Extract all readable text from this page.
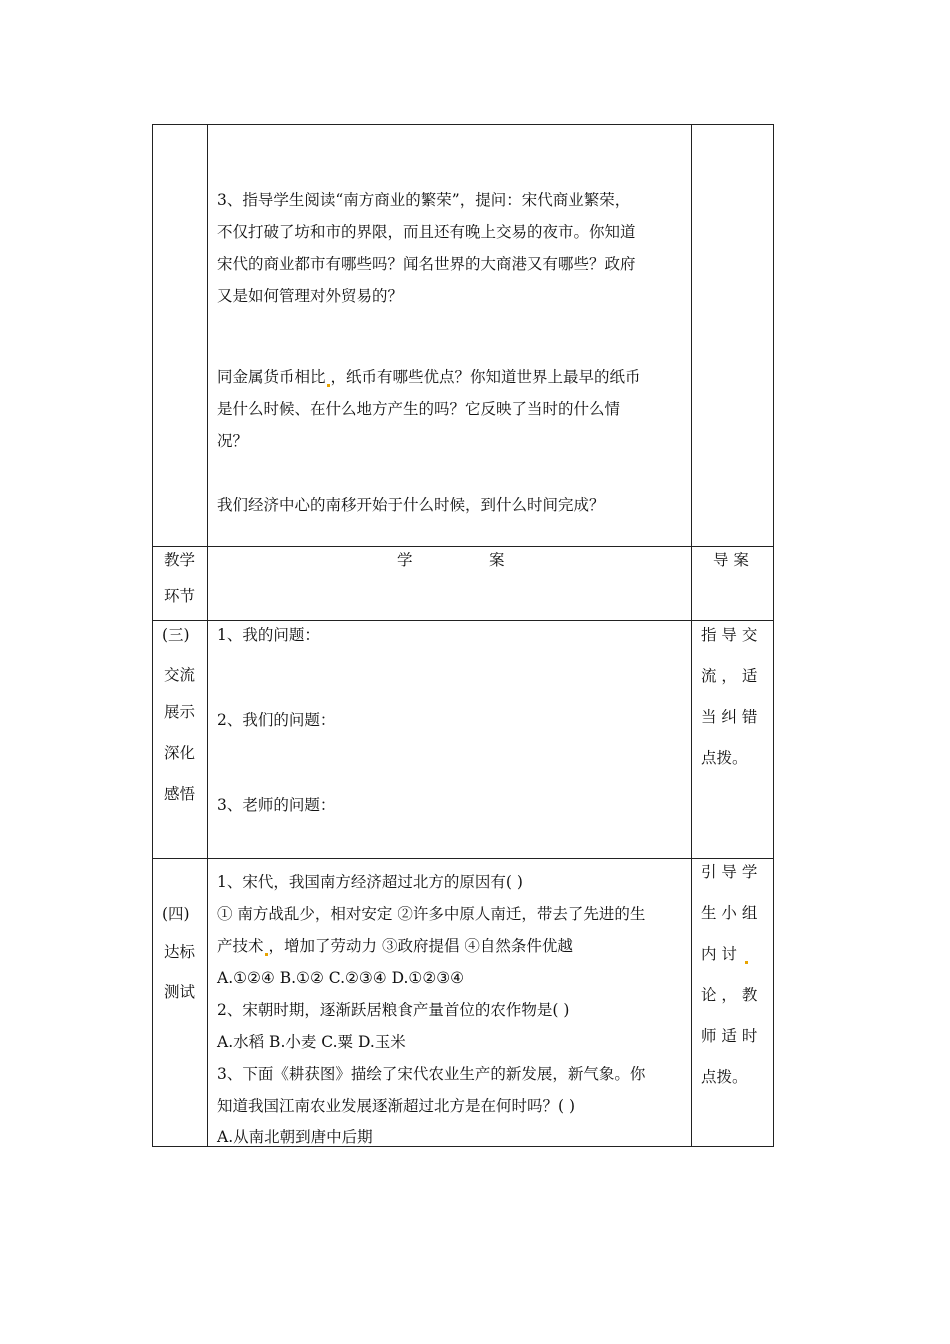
3、指导学生阅读“南方商业的繁荣”，提问：宋代商业繁荣，
不仅打破了坊和市的界限，而且还有晚上交易的夜市。你知道
宋代的商业都市有哪些吗？闻名世界的大商港又有哪些？政府
又是如何管理对外贸易的？
同金属货币相比 ，纸币有哪些优点？你知道世界上最早的纸币
是什么时候、在什么地方产生的吗？它反映了当时的什么情
况？
我们经济中心的南移开始于什么时候，到什么时间完成？
教学
环节
学	案	导 案
(三)
交流
展示
深化
感悟
1、我的问题：
2、我们的问题：
3、老师的问题：
指 导 交
流 ， 适
当 纠 错
点拨。
(四)
达标
测试
1、宋代，我国南方经济超过北方的原因有( )
① 南方战乱少，相对安定 ②许多中原人南迁，带去了先进的生
产技术 ，增加了劳动力 ③政府提倡 ④自然条件优越
A.①②④ B.①② C.②③④ D.①②③④
2、宋朝时期，逐渐跃居粮食产量首位的农作物是( )
A.水稻 B.小麦 C.粟 D.玉米
3、下面《耕获图》描绘了宋代农业生产的新发展，新气象。你
知道我国江南农业发展逐渐超过北方是在何时吗？( )
A.从南北朝到唐中后期
引 导 学
生 小 组
内 讨
论 ， 教
师 适 时
点拨。
